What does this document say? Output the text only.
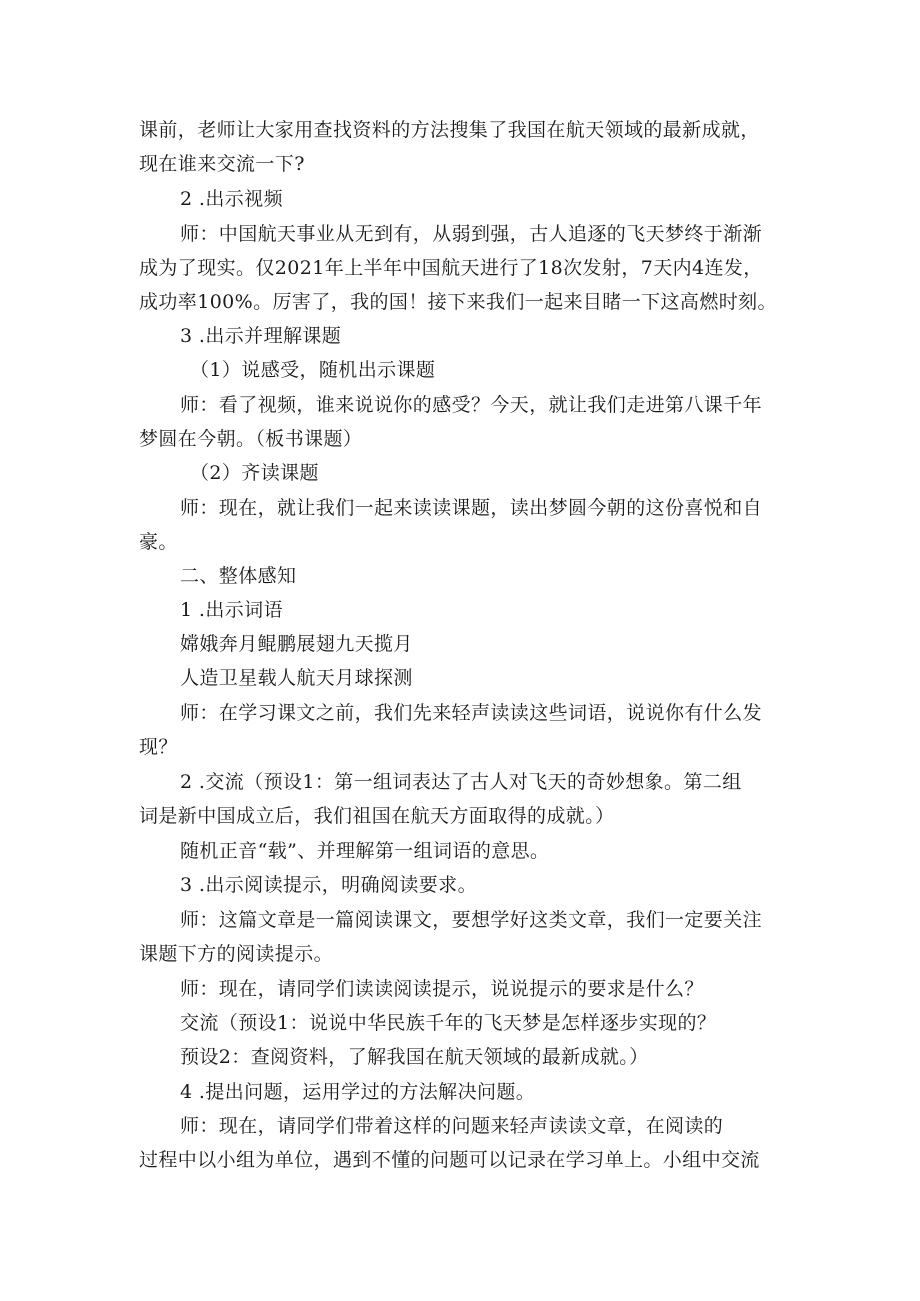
课前，老师让大家用查找资料的方法搜集了我国在航天领域的最新成就，
现在谁来交流一下?
2 .出示视频
师：中国航天事业从无到有，从弱到强，古人追逐的飞天梦终于渐渐
成为了现实。仅2021年上半年中国航天进行了18次发射，7天内4连发，
成功率100%。厉害了，我的国！接下来我们一起来目睹一下这高燃时刻。
3 .出示并理解课题
（1）说感受，随机出示课题
师：看了视频，谁来说说你的感受？今天，就让我们走进第八课千年
梦圆在今朝。（板书课题）
（2）齐读课题
师：现在，就让我们一起来读读课题，读出梦圆今朝的这份喜悦和自
豪。
二、整体感知
1 .出示词语
嫦娥奔月鲲鹏展翅九天揽月
人造卫星载人航天月球探测
师：在学习课文之前，我们先来轻声读读这些词语，说说你有什么发
现？
2 .交流（预设1：第一组词表达了古人对飞天的奇妙想象。第二组
词是新中国成立后，我们祖国在航天方面取得的成就。）
随机正音“载”、并理解第一组词语的意思。
3 .出示阅读提示，明确阅读要求。
师：这篇文章是一篇阅读课文，要想学好这类文章，我们一定要关注
课题下方的阅读提示。
师：现在，请同学们读读阅读提示，说说提示的要求是什么？
交流（预设1：说说中华民族千年的飞天梦是怎样逐步实现的？
预设2：查阅资料，了解我国在航天领域的最新成就。）
4 .提出问题，运用学过的方法解决问题。
师：现在，请同学们带着这样的问题来轻声读读文章，在阅读的
过程中以小组为单位，遇到不懂的问题可以记录在学习单上。小组中交流
